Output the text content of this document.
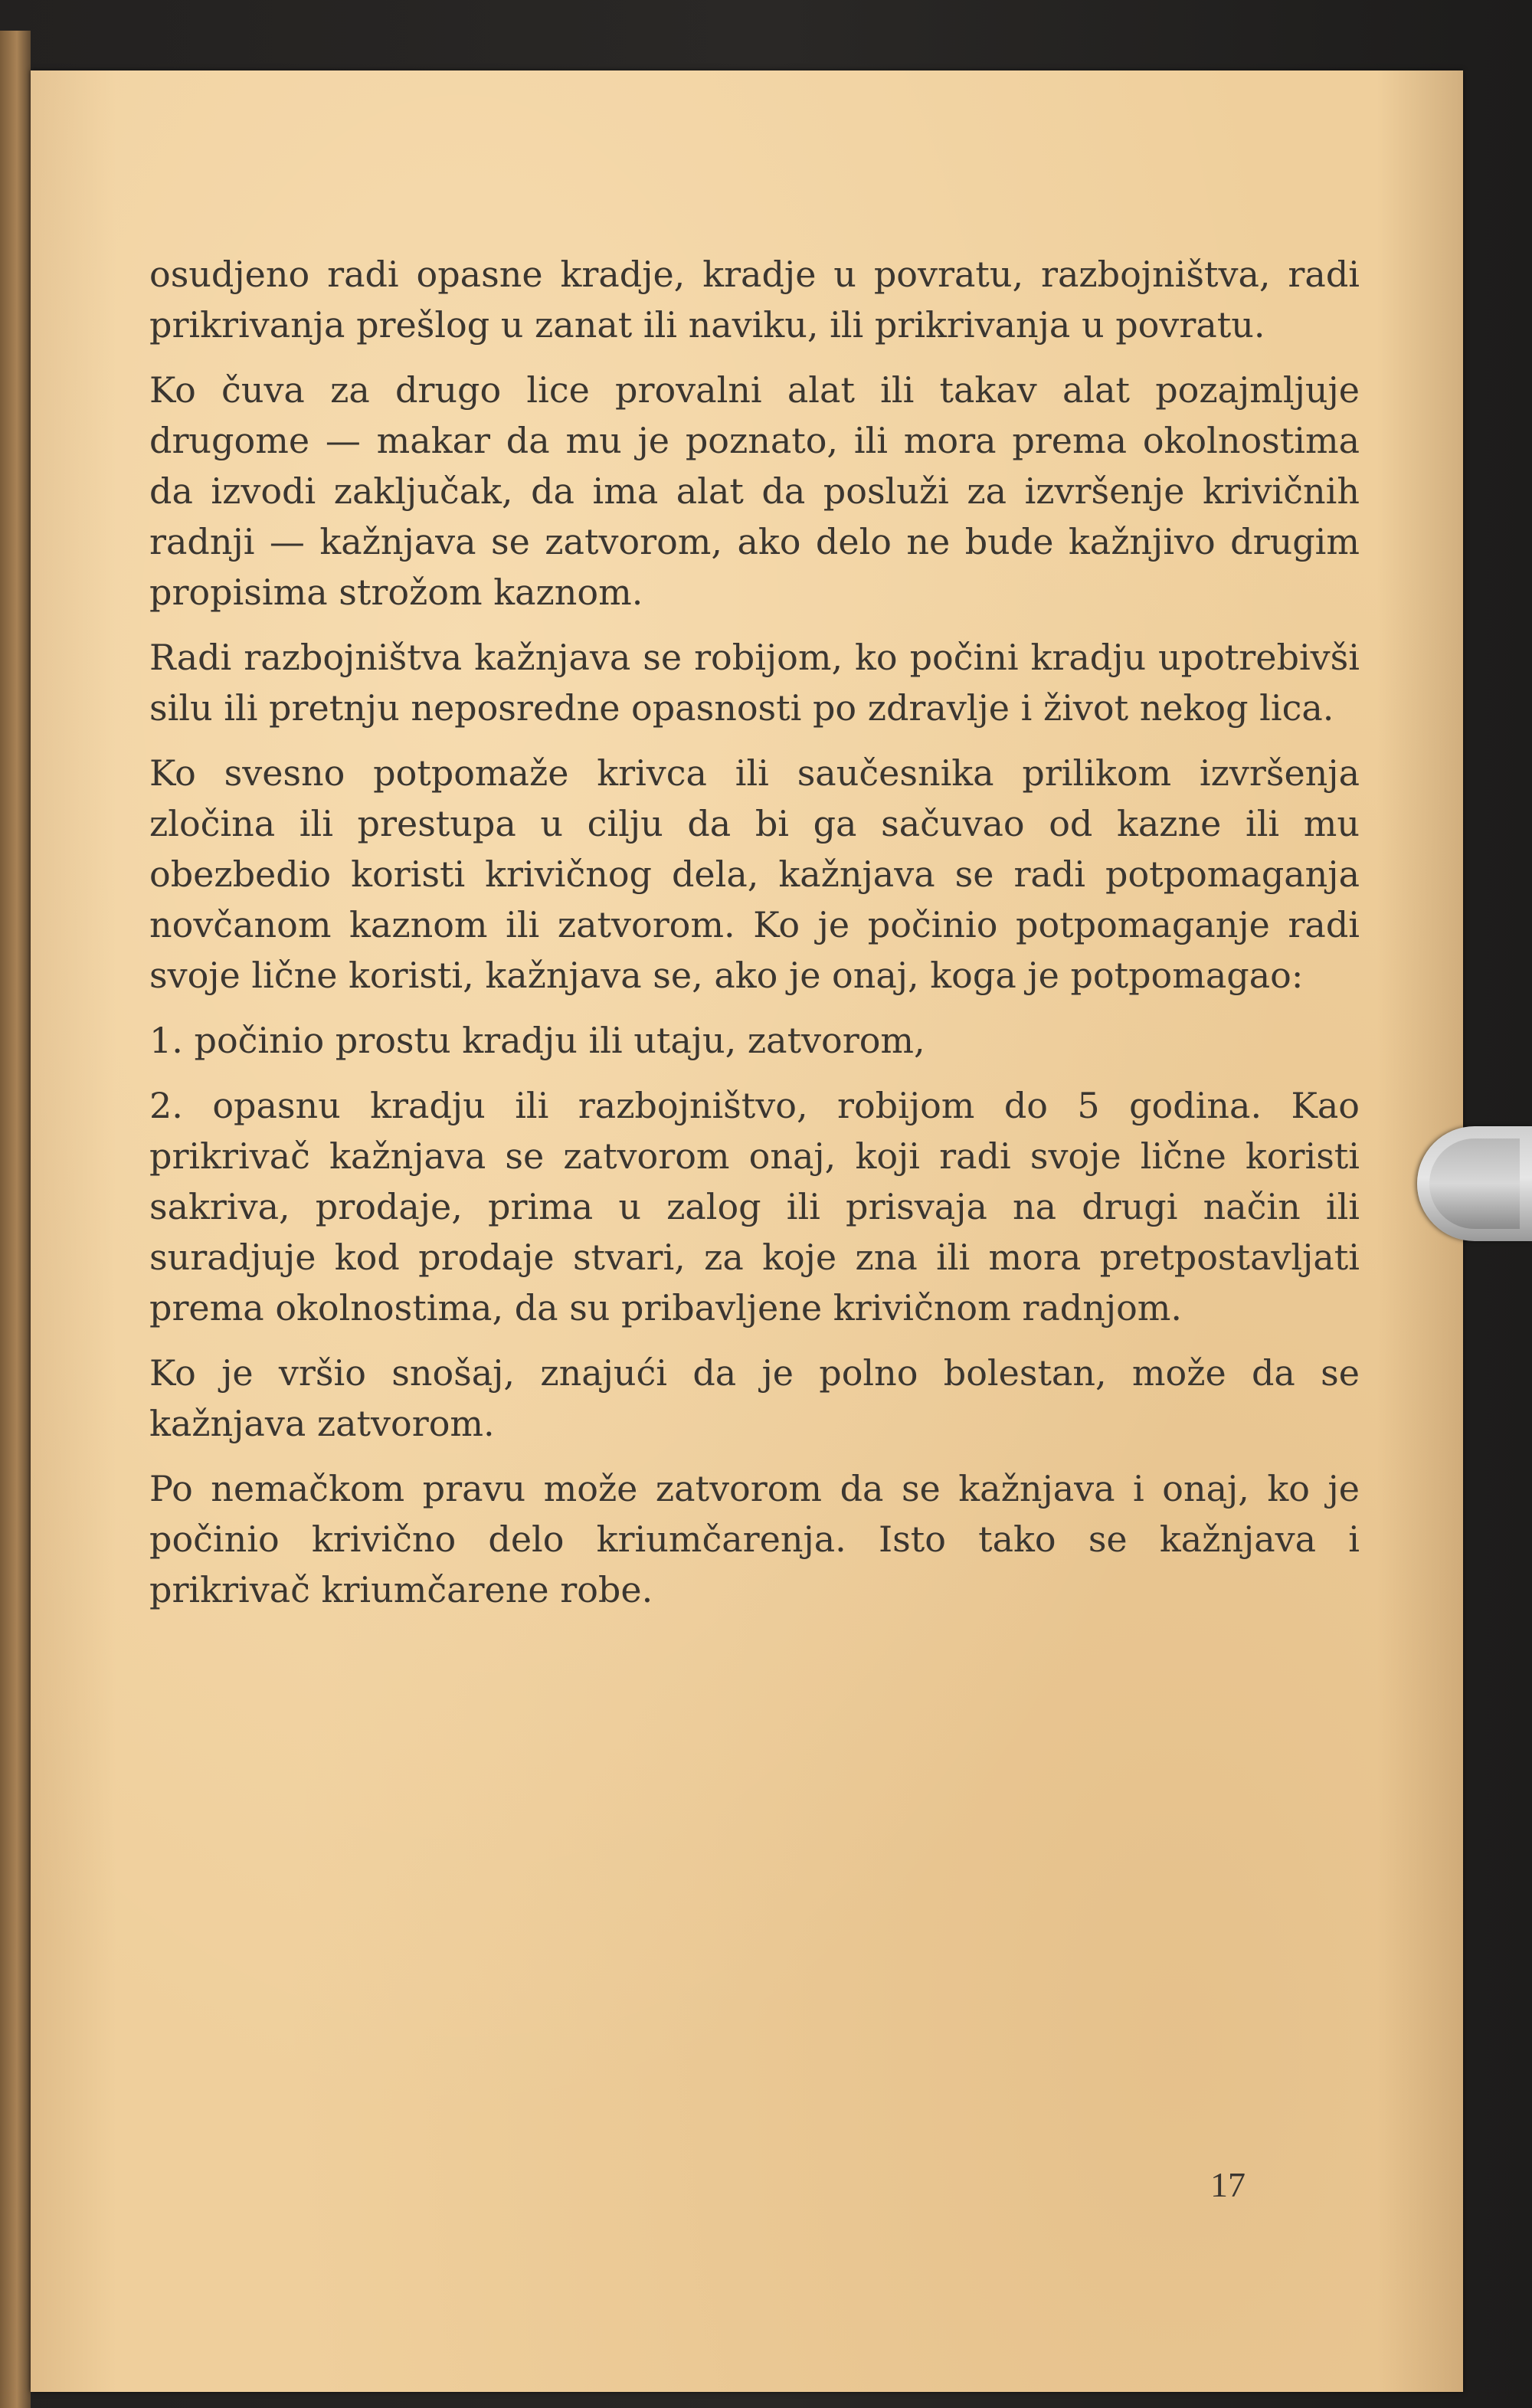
osudjeno radi opasne kradje, kradje u povratu, razbojništva, radi prikrivanja prešlog u zanat ili naviku, ili prikrivanja u povratu.

Ko čuva za drugo lice provalni alat ili takav alat pozajmljuje drugome — makar da mu je poznato, ili mora prema okolnostima da izvodi zaključak, da ima alat da posluži za izvršenje krivičnih radnji — kažnjava se zatvorom, ako delo ne bude kažnjivo drugim propisima strožom kaznom.

Radi razbojništva kažnjava se robijom, ko počini kradju upotrebivši silu ili pretnju neposredne opasnosti po zdravlje i život nekog lica.

Ko svesno potpomaže krivca ili saučesnika prilikom izvršenja zločina ili prestupa u cilju da bi ga sačuvao od kazne ili mu obezbedio koristi krivičnog dela, kažnjava se radi potpomaganja novčanom kaznom ili zatvorom. Ko je počinio potpomaganje radi svoje lične koristi, kažnjava se, ako je onaj, koga je potpomagao:

1. počinio prostu kradju ili utaju, zatvorom,

2. opasnu kradju ili razbojništvo, robijom do 5 godina. Kao prikrivač kažnjava se zatvorom onaj, koji radi svoje lične koristi sakriva, prodaje, prima u zalog ili prisvaja na drugi način ili suradjuje kod prodaje stvari, za koje zna ili mora pretpostavljati prema okolnostima, da su pribavljene krivičnom radnjom.

Ko je vršio snošaj, znajući da je polno bolestan, može da se kažnjava zatvorom.

Po nemačkom pravu može zatvorom da se kažnjava i onaj, ko je počinio krivično delo kriumčarenja. Isto tako se kažnjava i prikrivač kriumčarene robe.

17
